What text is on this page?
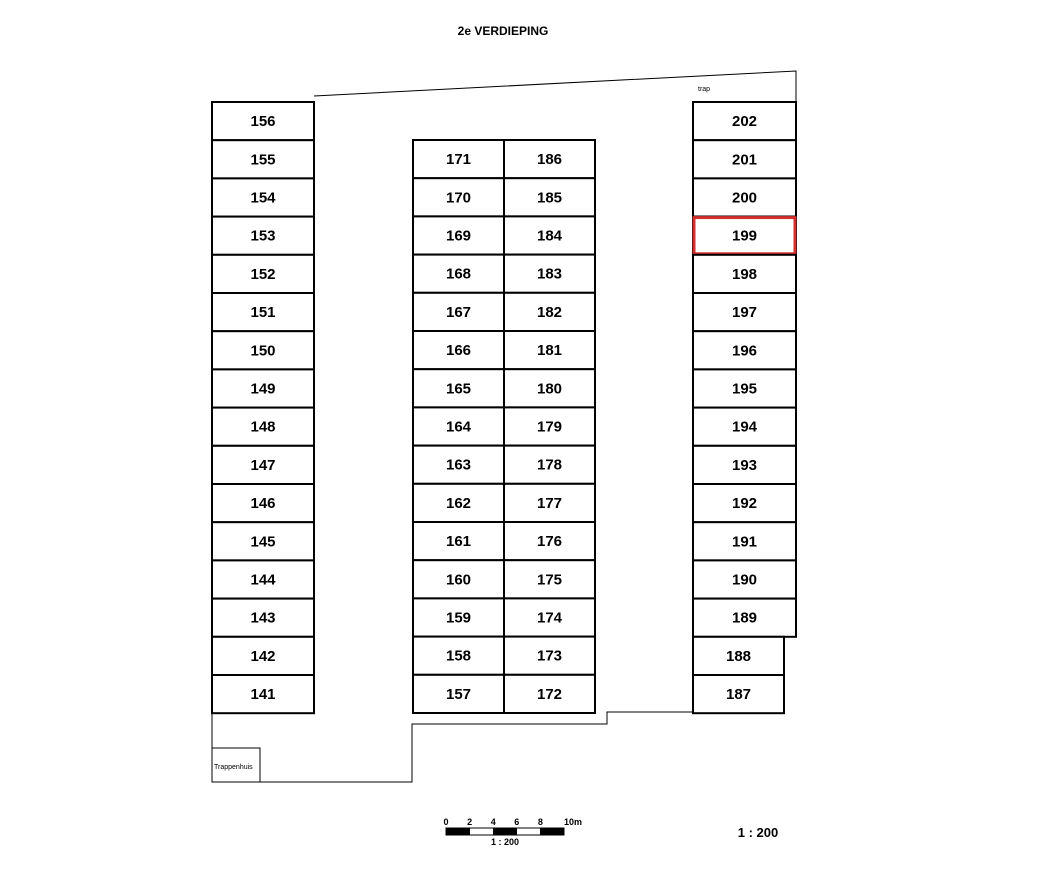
2e VERDIEPING
trap
Trappenhuis
156
155
154
153
152
151
150
149
148
147
146
145
144
143
142
141
171
170
169
168
167
166
165
164
163
162
161
160
159
158
157
186
185
184
183
182
181
180
179
178
177
176
175
174
173
172
202
201
200
199
198
197
196
195
194
193
192
191
190
189
188
187
0 2 4 6 8 10m
1 : 200
1 : 200
